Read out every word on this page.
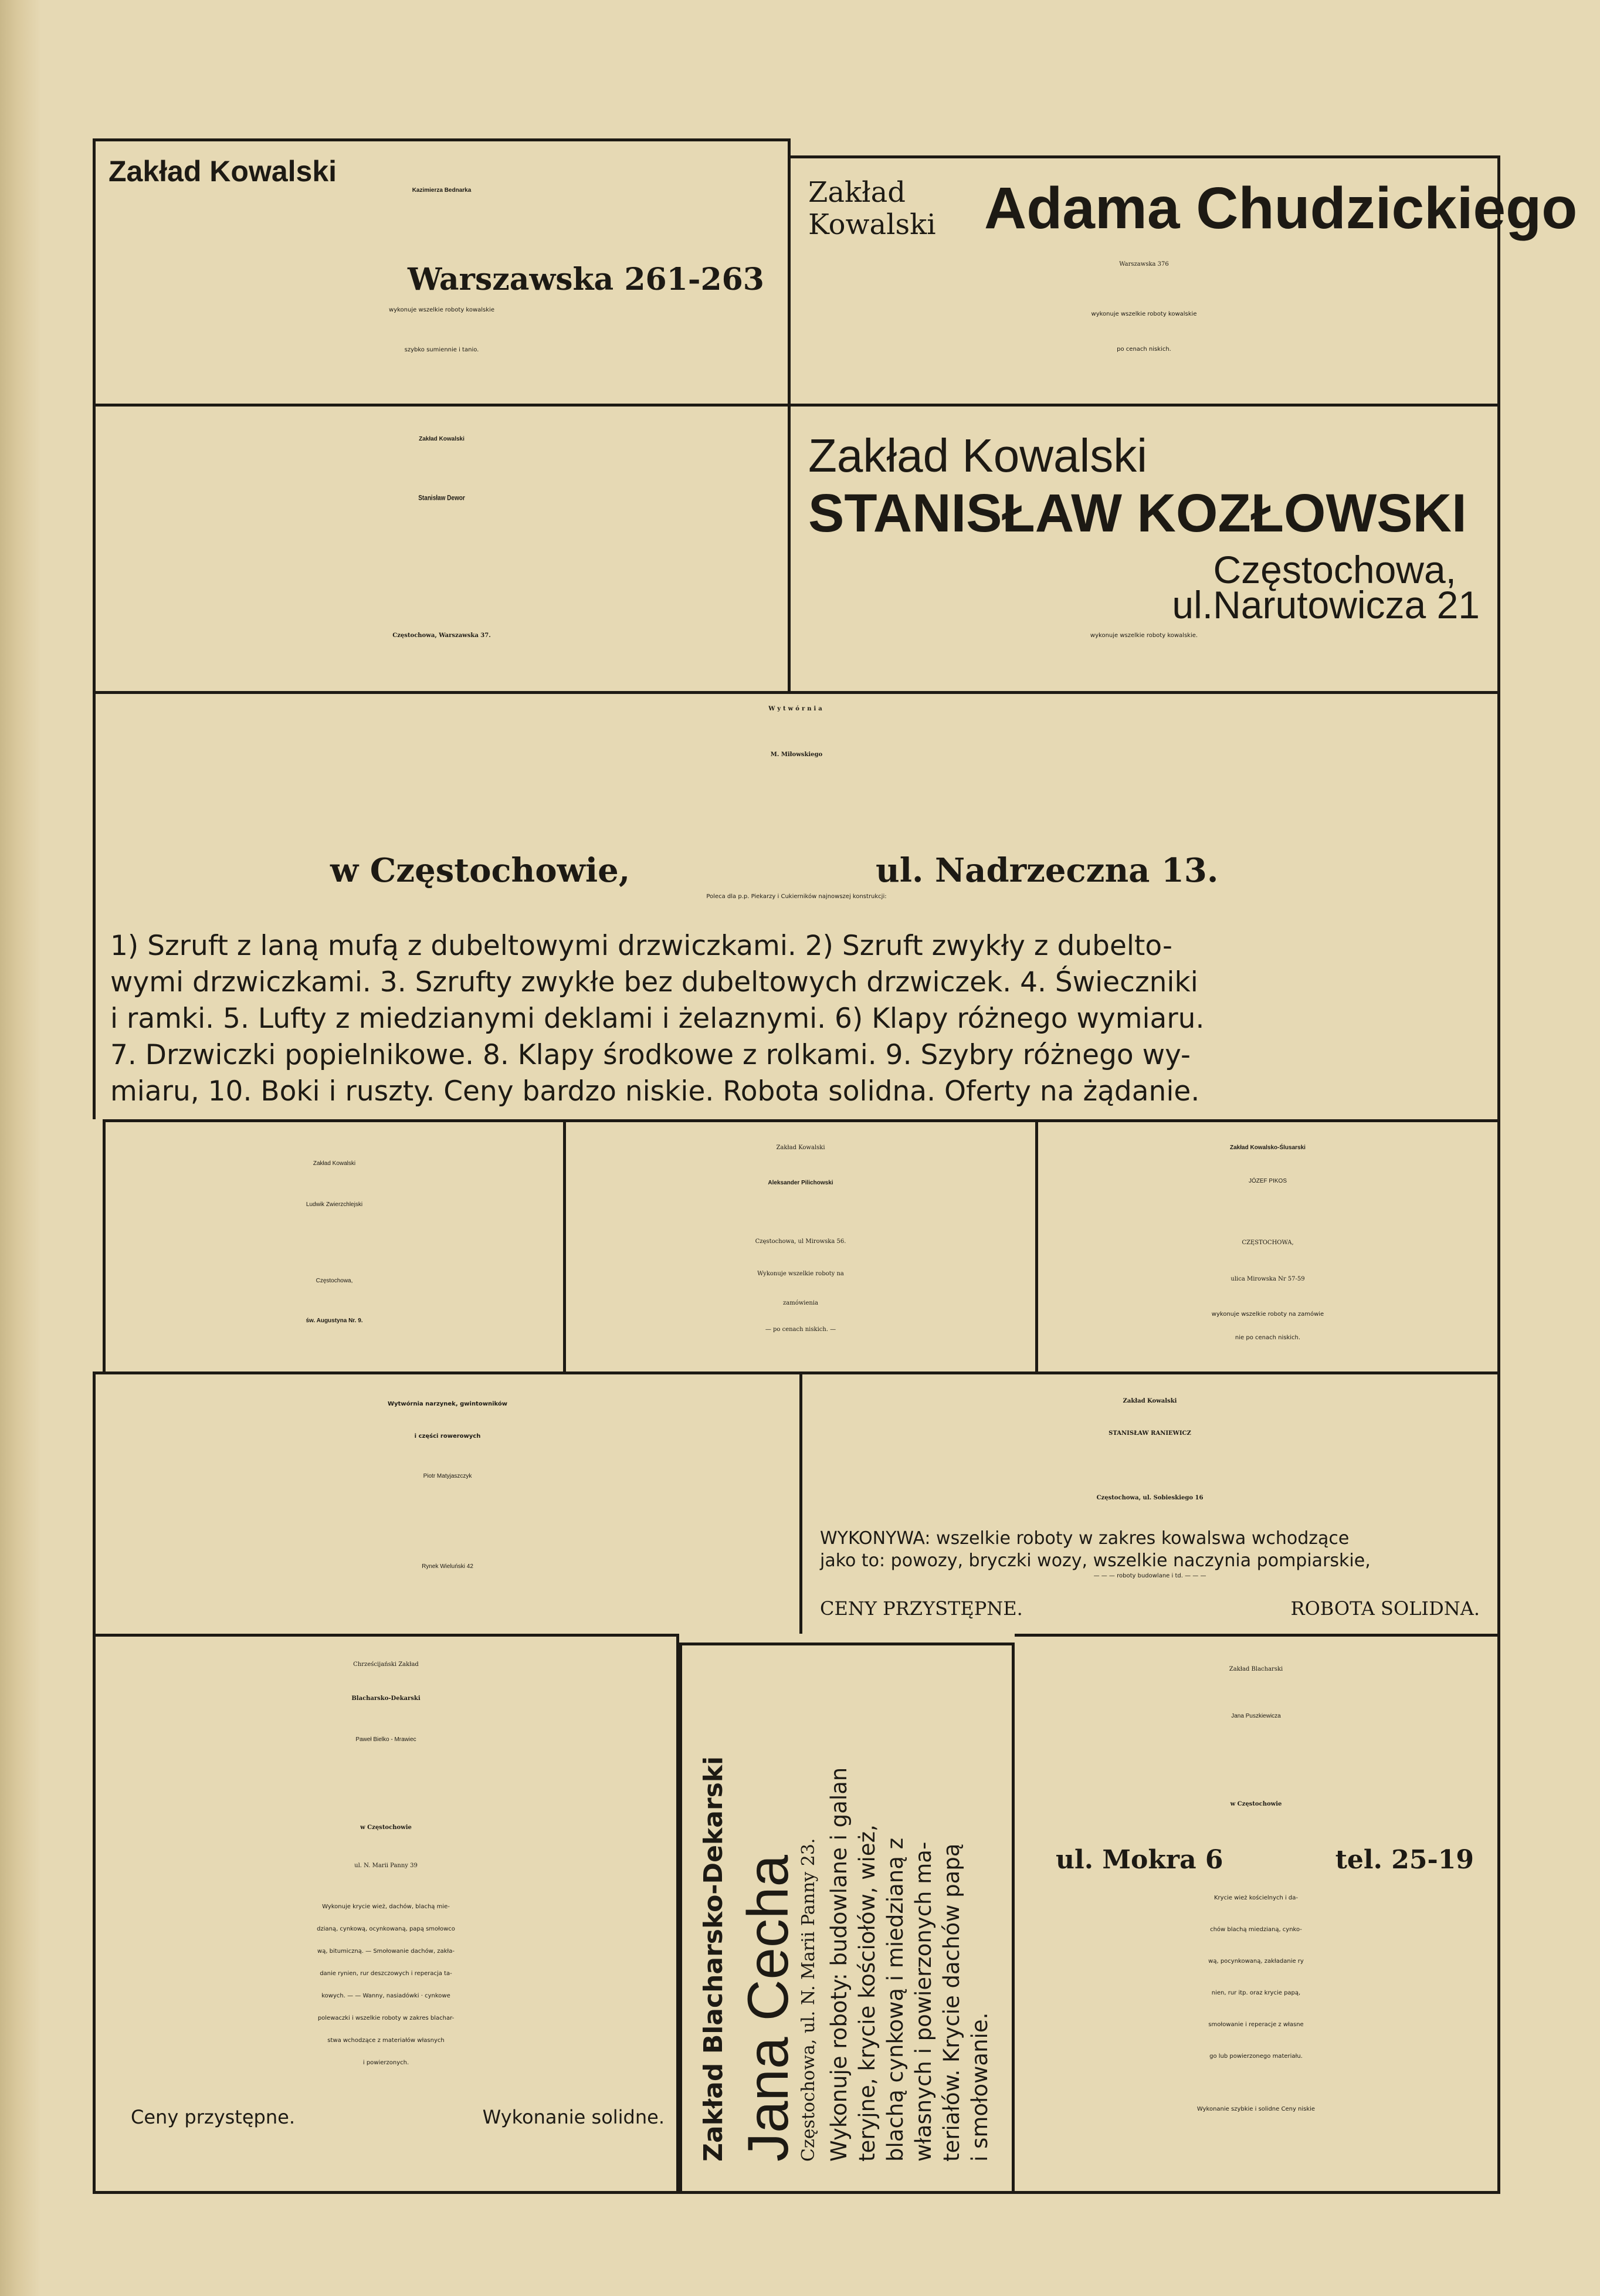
Zakład Kowalski
Kazimierza Bednarka
Warszawska 261-263
wykonuje wszelkie roboty kowalskie
szybko sumiennie i tanio.
Zakład
Kowalski Adama Chudzickiego
Warszawska 376
wykonuje wszelkie roboty kowalskie
po cenach niskich.
Zakład Kowalski
Stanisław Dewor
Częstochowa, Warszawska 37.
Zakład Kowalski
STANISŁAW KOZŁOWSKI
Częstochowa,
ul.Narutowicza 21
wykonuje wszelkie roboty kowalskie.
Wytwórnia
M. Miłowskiego
w Częstochowie,	ul. Nadrzeczna 13.
Poleca dla p.p. Piekarzy i Cukierników najnowszej konstrukcji:
1) Szruft z laną mufą z dubeltowymi drzwiczkami. 2) Szruft zwykły z dubelto-
wymi drzwiczkami. 3. Szrufty zwykłe bez dubeltowych drzwiczek. 4. Świeczniki
i ramki. 5. Lufty z miedzianymi deklami i żelaznymi. 6) Klapy różnego wymiaru.
7. Drzwiczki popielnikowe. 8. Klapy środkowe z rolkami. 9. Szybry różnego wy-
miaru, 10. Boki i ruszty. Ceny bardzo niskie. Robota solidna. Oferty na żądanie.
Zakład Kowalski
Ludwik Zwierzchlejski
Częstochowa,
św. Augustyna Nr. 9.
Zakład Kowalski
Aleksander Pilichowski
Częstochowa, ul Mirowska 56.
Wykonuje wszelkie roboty na
zamówienia
— po cenach niskich. —
Zakład Kowalsko-Ślusarski
JÓZEF PIKOS
CZĘSTOCHOWA,
ulica Mirowska Nr 57-59
wykonuje wszelkie roboty na zamówie
nie po cenach niskich.
Wytwórnia narzynek, gwintowników
i części rowerowych
Piotr Matyjaszczyk
Rynek Wieluński 42
Zakład Kowalski
STANISŁAW RANIEWICZ
Częstochowa, ul. Sobieskiego 16
WYKONYWA: wszelkie roboty w zakres kowalswa wchodzące
jako to: powozy, bryczki wozy, wszelkie naczynia pompiarskie,
— — — roboty budowlane i td. — — —
CENY PRZYSTĘPNE.	ROBOTA SOLIDNA.
Chrześcijański Zakład
Blacharsko-Dekarski
Paweł Bielko - Mrawiec
w Częstochowie
ul. N. Marii Panny 39
Wykonuje krycie wież, dachów, blachą mie-
dzianą, cynkową, ocynkowaną, papą smołowco
wą, bitumiczną. — Smołowanie dachów, zakła-
danie rynien, rur deszczowych i reperacja ta-
kowych. — — Wanny, nasiadówki · cynkowe
polewaczki i wszelkie roboty w zakres blachar-
stwa wchodzące z materiałów własnych
i powierzonych.
Ceny przystępne.	Wykonanie solidne. Zakład Blacharsko-Dekarski Jana Cecha
Częstochowa, ul. N. Marii Panny 23. Wykonuje roboty: budowlane i galan teryjne, krycie kościołów, wież, blachą cynkową i miedzianą z własnych i powierzonych ma- teriałów. Krycie dachów papą i smołowanie.
Zakład Blacharski
Jana Puszkiewicza
w Częstochowie
ul. Mokra 6	tel. 25-19
Krycie wież kościelnych i da-
chów blachą miedzianą, cynko-
wą, pocynkowaną, zakładanie ry
nien, rur itp. oraz krycie papą,
smołowanie i reperacje z własne
go lub powierzonego materiału.
Wykonanie szybkie i solidne Ceny niskie
